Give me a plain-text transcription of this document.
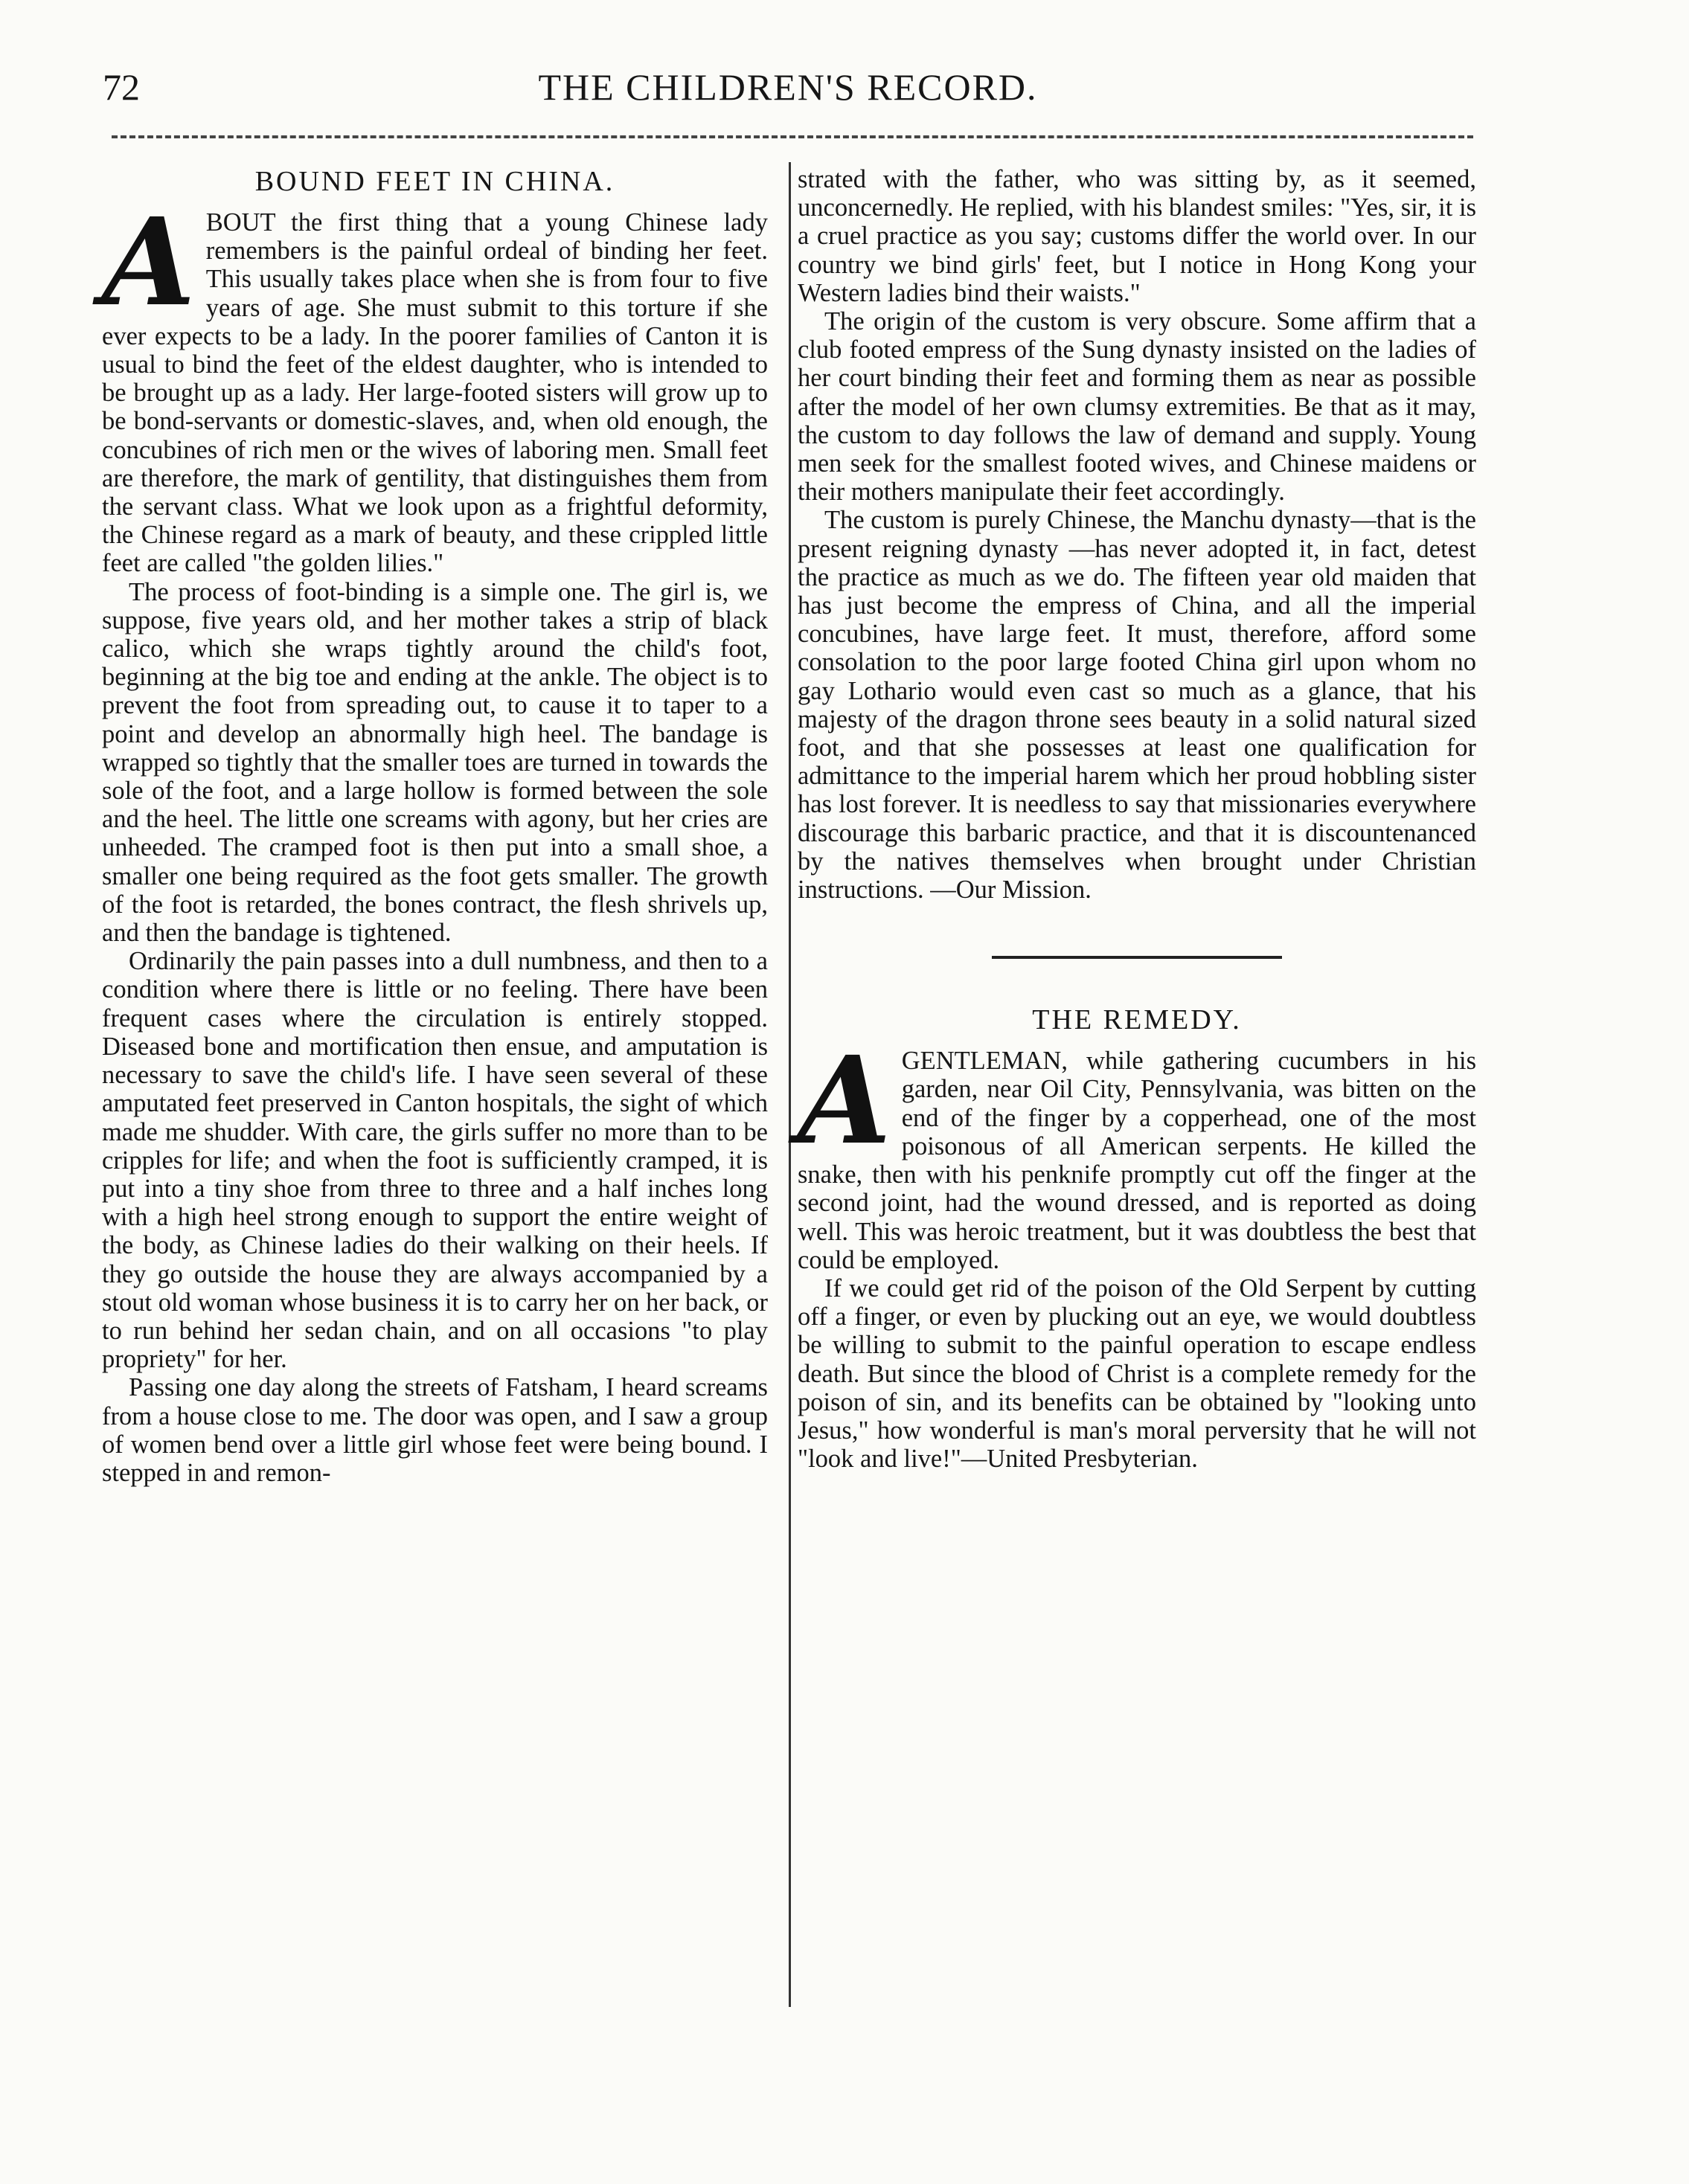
72	THE CHILDREN'S RECORD.
BOUND FEET IN CHINA.

ABOUT the first thing that a young Chinese lady remembers is the painful ordeal of binding her feet. This usually takes place when she is from four to five years of age. She must submit to this torture if she ever expects to be a lady. In the poorer families of Canton it is usual to bind the feet of the eldest daughter, who is intended to be brought up as a lady. Her large-footed sisters will grow up to be bond-servants or domestic-slaves, and, when old enough, the concubines of rich men or the wives of laboring men. Small feet are therefore, the mark of gentility, that distinguishes them from the servant class. What we look upon as a frightful deformity, the Chinese regard as a mark of beauty, and these crippled little feet are called "the golden lilies."

The process of foot-binding is a simple one. The girl is, we suppose, five years old, and her mother takes a strip of black calico, which she wraps tightly around the child's foot, beginning at the big toe and ending at the ankle. The object is to prevent the foot from spreading out, to cause it to taper to a point and develop an abnormally high heel. The bandage is wrapped so tightly that the smaller toes are turned in towards the sole of the foot, and a large hollow is formed between the sole and the heel. The little one screams with agony, but her cries are unheeded. The cramped foot is then put into a small shoe, a smaller one being required as the foot gets smaller. The growth of the foot is retarded, the bones contract, the flesh shrivels up, and then the bandage is tightened.

Ordinarily the pain passes into a dull numbness, and then to a condition where there is little or no feeling. There have been frequent cases where the circulation is entirely stopped. Diseased bone and mortification then ensue, and amputation is necessary to save the child's life. I have seen several of these amputated feet preserved in Canton hospitals, the sight of which made me shudder. With care, the girls suffer no more than to be cripples for life; and when the foot is sufficiently cramped, it is put into a tiny shoe from three to three and a half inches long with a high heel strong enough to support the entire weight of the body, as Chinese ladies do their walking on their heels. If they go outside the house they are always accompanied by a stout old woman whose business it is to carry her on her back, or to run behind her sedan chain, and on all occasions "to play propriety" for her.

Passing one day along the streets of Fatsham, I heard screams from a house close to me. The door was open, and I saw a group of women bend over a little girl whose feet were being bound. I stepped in and remon-

strated with the father, who was sitting by, as it seemed, unconcernedly. He replied, with his blandest smiles: "Yes, sir, it is a cruel practice as you say; customs differ the world over. In our country we bind girls' feet, but I notice in Hong Kong your Western ladies bind their waists."

The origin of the custom is very obscure. Some affirm that a club footed empress of the Sung dynasty insisted on the ladies of her court binding their feet and forming them as near as possible after the model of her own clumsy extremities. Be that as it may, the custom to day follows the law of demand and supply. Young men seek for the smallest footed wives, and Chinese maidens or their mothers manipulate their feet accordingly.

The custom is purely Chinese, the Manchu dynasty—that is the present reigning dynasty —has never adopted it, in fact, detest the practice as much as we do. The fifteen year old maiden that has just become the empress of China, and all the imperial concubines, have large feet. It must, therefore, afford some consolation to the poor large footed China girl upon whom no gay Lothario would even cast so much as a glance, that his majesty of the dragon throne sees beauty in a solid natural sized foot, and that she possesses at least one qualification for admittance to the imperial harem which her proud hobbling sister has lost forever. It is needless to say that missionaries everywhere discourage this barbaric practice, and that it is discountenanced by the natives themselves when brought under Christian instructions. —Our Mission.

THE REMEDY.

AGENTLEMAN, while gathering cucumbers in his garden, near Oil City, Pennsylvania, was bitten on the end of the finger by a copperhead, one of the most poisonous of all American serpents. He killed the snake, then with his penknife promptly cut off the finger at the second joint, had the wound dressed, and is reported as doing well. This was heroic treatment, but it was doubtless the best that could be employed.

If we could get rid of the poison of the Old Serpent by cutting off a finger, or even by plucking out an eye, we would doubtless be willing to submit to the painful operation to escape endless death. But since the blood of Christ is a complete remedy for the poison of sin, and its benefits can be obtained by "looking unto Jesus," how wonderful is man's moral perversity that he will not "look and live!"—United Presbyterian.
